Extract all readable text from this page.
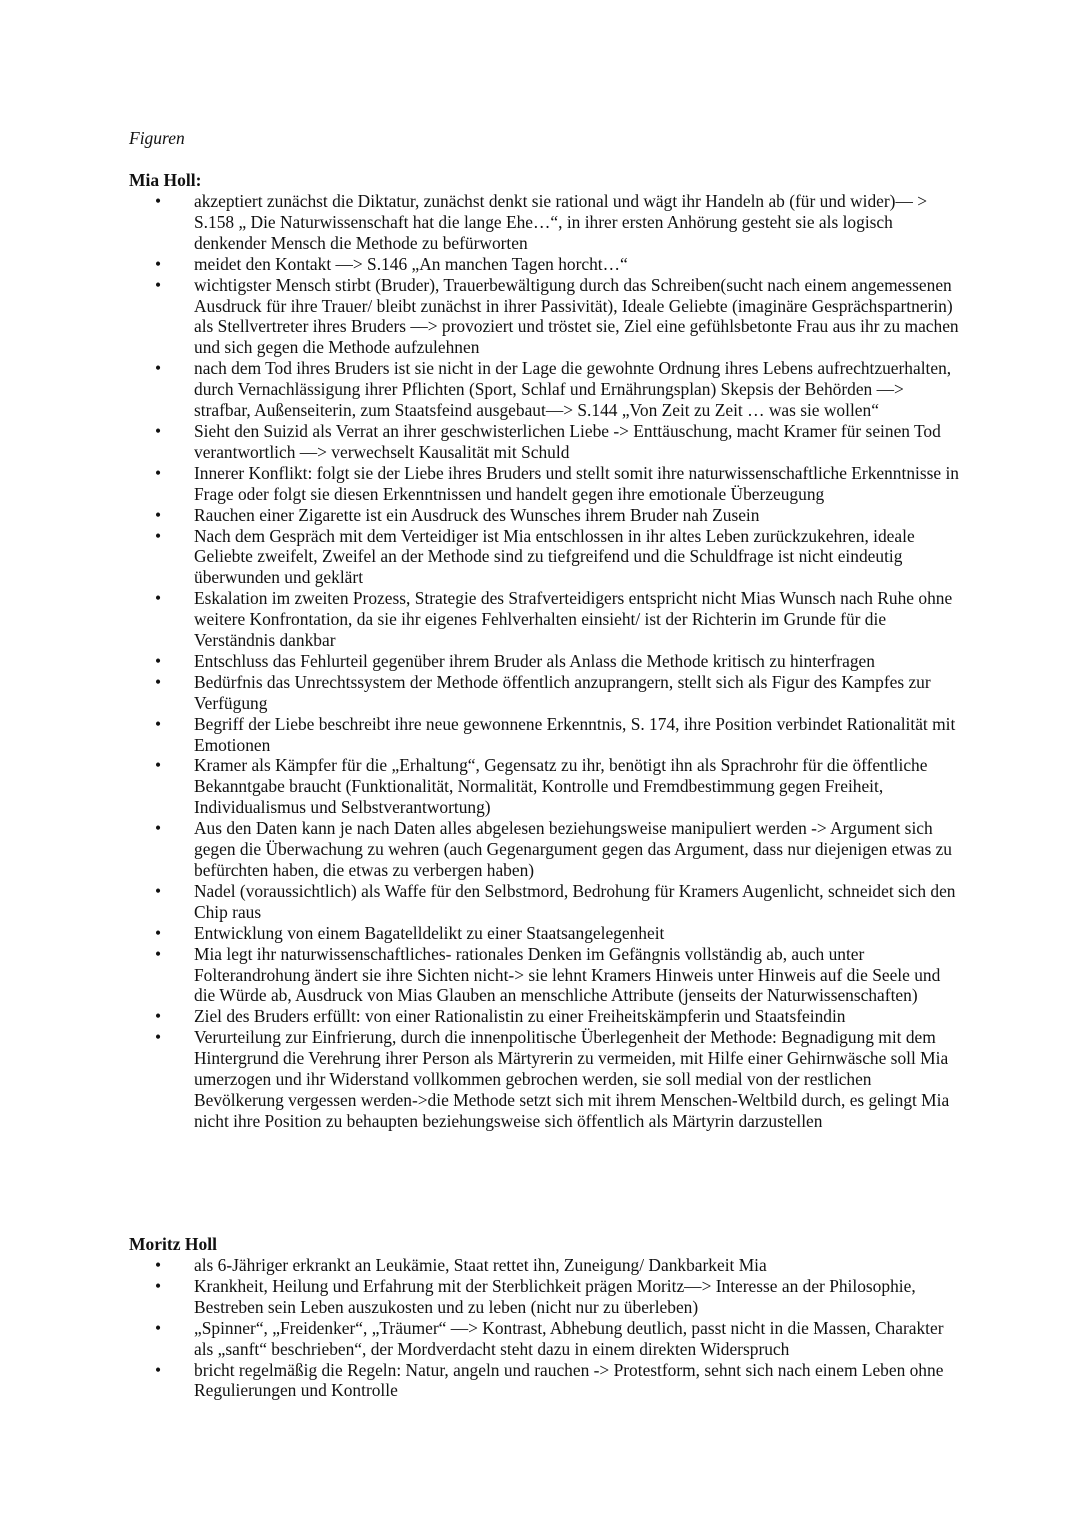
Figuren
Mia Holl:
• akzeptiert zunächst die Diktatur, zunächst denkt sie rational und wägt ihr Handeln ab (für und wider)— > S.158 „ Die Naturwissenschaft hat die lange Ehe…“, in ihrer ersten Anhörung gesteht sie als logisch denkender Mensch die Methode zu befürworten
• meidet den Kontakt —> S.146 „An manchen Tagen horcht…“
• wichtigster Mensch stirbt (Bruder), Trauerbewältigung durch das Schreiben(sucht nach einem angemessenen Ausdruck für ihre Trauer/ bleibt zunächst in ihrer Passivität), Ideale Geliebte (imaginäre Gesprächspartnerin) als Stellvertreter ihres Bruders —> provoziert und tröstet sie, Ziel eine gefühlsbetonte Frau aus ihr zu machen und sich gegen die Methode aufzulehnen
• nach dem Tod ihres Bruders ist sie nicht in der Lage die gewohnte Ordnung ihres Lebens aufrechtzuerhalten, durch Vernachlässigung ihrer Pflichten (Sport, Schlaf und Ernährungsplan) Skepsis der Behörden —> strafbar, Außenseiterin, zum Staatsfeind ausgebaut—> S.144 „Von Zeit zu Zeit … was sie wollen“
• Sieht den Suizid als Verrat an ihrer geschwisterlichen Liebe -> Enttäuschung, macht Kramer für seinen Tod verantwortlich —> verwechselt Kausalität mit Schuld
• Innerer Konflikt: folgt sie der Liebe ihres Bruders und stellt somit ihre naturwissenschaftliche Erkenntnisse in Frage oder folgt sie diesen Erkenntnissen und handelt gegen ihre emotionale Überzeugung
• Rauchen einer Zigarette ist ein Ausdruck des Wunsches ihrem Bruder nah Zusein
• Nach dem Gespräch mit dem Verteidiger ist Mia entschlossen in ihr altes Leben zurückzukehren, ideale Geliebte zweifelt, Zweifel an der Methode sind zu tiefgreifend und die Schuldfrage ist nicht eindeutig überwunden und geklärt
• Eskalation im zweiten Prozess, Strategie des Strafverteidigers entspricht nicht Mias Wunsch nach Ruhe ohne weitere Konfrontation, da sie ihr eigenes Fehlverhalten einsieht/ ist der Richterin im Grunde für die Verständnis dankbar
• Entschluss das Fehlurteil gegenüber ihrem Bruder als Anlass die Methode kritisch zu hinterfragen
• Bedürfnis das Unrechtssystem der Methode öffentlich anzuprangern, stellt sich als Figur des Kampfes zur Verfügung
• Begriff der Liebe beschreibt ihre neue gewonnene Erkenntnis, S. 174, ihre Position verbindet Rationalität mit Emotionen
• Kramer als Kämpfer für die „Erhaltung“, Gegensatz zu ihr, benötigt ihn als Sprachrohr für die öffentliche Bekanntgabe braucht (Funktionalität, Normalität, Kontrolle und Fremdbestimmung gegen Freiheit, Individualismus und Selbstverantwortung)
• Aus den Daten kann je nach Daten alles abgelesen beziehungsweise manipuliert werden -> Argument sich gegen die Überwachung zu wehren (auch Gegenargument gegen das Argument, dass nur diejenigen etwas zu befürchten haben, die etwas zu verbergen haben)
• Nadel (voraussichtlich) als Waffe für den Selbstmord, Bedrohung für Kramers Augenlicht, schneidet sich den Chip raus
• Entwicklung von einem Bagatelldelikt zu einer Staatsangelegenheit
• Mia legt ihr naturwissenschaftliches- rationales Denken im Gefängnis vollständig ab, auch unter Folterandrohung ändert sie ihre Sichten nicht-> sie lehnt Kramers Hinweis unter Hinweis auf die Seele und die Würde ab, Ausdruck von Mias Glauben an menschliche Attribute (jenseits der Naturwissenschaften)
• Ziel des Bruders erfüllt: von einer Rationalistin zu einer Freiheitskämpferin und Staatsfeindin
• Verurteilung zur Einfrierung, durch die innenpolitische Überlegenheit der Methode: Begnadigung mit dem Hintergrund die Verehrung ihrer Person als Märtyrerin zu vermeiden, mit Hilfe einer Gehirnwäsche soll Mia umerzogen und ihr Widerstand vollkommen gebrochen werden, sie soll medial von der restlichen Bevölkerung vergessen werden->die Methode setzt sich mit ihrem Menschen-Weltbild durch, es gelingt Mia nicht ihre Position zu behaupten beziehungsweise sich öffentlich als Märtyrin darzustellen
Moritz Holl
• als 6-Jähriger erkrankt an Leukämie, Staat rettet ihn, Zuneigung/ Dankbarkeit Mia
• Krankheit, Heilung und Erfahrung mit der Sterblichkeit prägen Moritz—> Interesse an der Philosophie, Bestreben sein Leben auszukosten und zu leben (nicht nur zu überleben)
• „Spinner“, „Freidenker“, „Träumer“ —> Kontrast, Abhebung deutlich, passt nicht in die Massen, Charakter als „sanft“ beschrieben“, der Mordverdacht steht dazu in einem direkten Widerspruch
• bricht regelmäßig die Regeln: Natur, angeln und rauchen -> Protestform, sehnt sich nach einem Leben ohne Regulierungen und Kontrolle
